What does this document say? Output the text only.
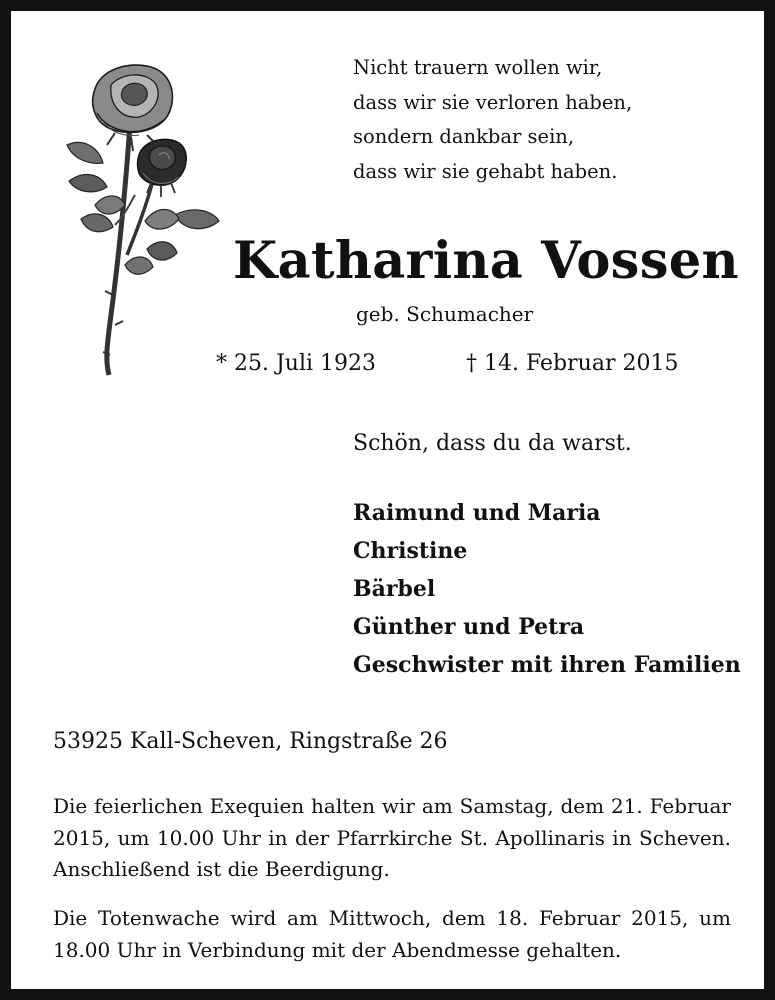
Nicht trauern wollen wir,
dass wir sie verloren haben,
sondern dankbar sein,
dass wir sie gehabt haben.
Katharina Vossen
geb. Schumacher
* 25. Juli 1923	† 14. Februar 2015
Schön, dass du da warst.
Raimund und Maria
Christine
Bärbel
Günther und Petra
Geschwister mit ihren Familien
53925 Kall-Scheven, Ringstraße 26
Die feierlichen Exequien halten wir am Samstag, dem 21. Februar 2015, um 10.00 Uhr in der Pfarrkirche St. Apollinaris in Scheven. Anschließend ist die Beerdigung.
Die Totenwache wird am Mittwoch, dem 18. Februar 2015, um 18.00 Uhr in Verbindung mit der Abendmesse gehalten.
